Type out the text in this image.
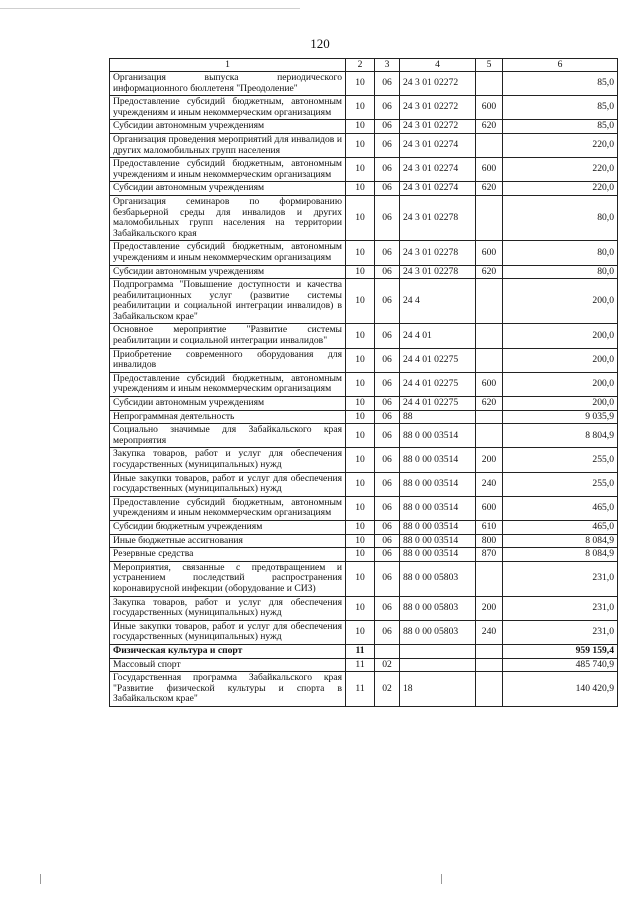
120
1	2	3	4	5	6
Организация выпуска периодического информационного бюллетеня "Преодоление"	10	06	24 3 01 02272		85,0
Предоставление субсидий бюджетным, автономным учреждениям и иным некоммерческим организациям	10	06	24 3 01 02272	600	85,0
Субсидии автономным учреждениям	10	06	24 3 01 02272	620	85,0
Организация проведения мероприятий для инвалидов и других маломобильных групп населения	10	06	24 3 01 02274		220,0
Предоставление субсидий бюджетным, автономным учреждениям и иным некоммерческим организациям	10	06	24 3 01 02274	600	220,0
Субсидии автономным учреждениям	10	06	24 3 01 02274	620	220,0
Организация семинаров по формированию безбарьерной среды для инвалидов и других маломобильных групп населения на территории Забайкальского края	10	06	24 3 01 02278		80,0
Предоставление субсидий бюджетным, автономным учреждениям и иным некоммерческим организациям	10	06	24 3 01 02278	600	80,0
Субсидии автономным учреждениям	10	06	24 3 01 02278	620	80,0
Подпрограмма "Повышение доступности и качества реабилитационных услуг (развитие системы реабилитации и социальной интеграции инвалидов) в Забайкальском крае"	10	06	24 4		200,0
Основное мероприятие "Развитие системы реабилитации и социальной интеграции инвалидов"	10	06	24 4 01		200,0
Приобретение современного оборудования для инвалидов	10	06	24 4 01 02275		200,0
Предоставление субсидий бюджетным, автономным учреждениям и иным некоммерческим организациям	10	06	24 4 01 02275	600	200,0
Субсидии автономным учреждениям	10	06	24 4 01 02275	620	200,0
Непрограммная деятельность	10	06	88		9 035,9
Социально значимые для Забайкальского края мероприятия	10	06	88 0 00 03514		8 804,9
Закупка товаров, работ и услуг для обеспечения государственных (муниципальных) нужд	10	06	88 0 00 03514	200	255,0
Иные закупки товаров, работ и услуг для обеспечения государственных (муниципальных) нужд	10	06	88 0 00 03514	240	255,0
Предоставление субсидий бюджетным, автономным учреждениям и иным некоммерческим организациям	10	06	88 0 00 03514	600	465,0
Субсидии бюджетным учреждениям	10	06	88 0 00 03514	610	465,0
Иные бюджетные ассигнования	10	06	88 0 00 03514	800	8 084,9
Резервные средства	10	06	88 0 00 03514	870	8 084,9
Мероприятия, связанные с предотвращением и устранением последствий распространения коронавирусной инфекции (оборудование и СИЗ)	10	06	88 0 00 05803		231,0
Закупка товаров, работ и услуг для обеспечения государственных (муниципальных) нужд	10	06	88 0 00 05803	200	231,0
Иные закупки товаров, работ и услуг для обеспечения государственных (муниципальных) нужд	10	06	88 0 00 05803	240	231,0
Физическая культура и спорт	11				959 159,4
Массовый спорт	11	02			485 740,9
Государственная программа Забайкальского края "Развитие физической культуры и спорта в Забайкальском крае"	11	02	18		140 420,9
